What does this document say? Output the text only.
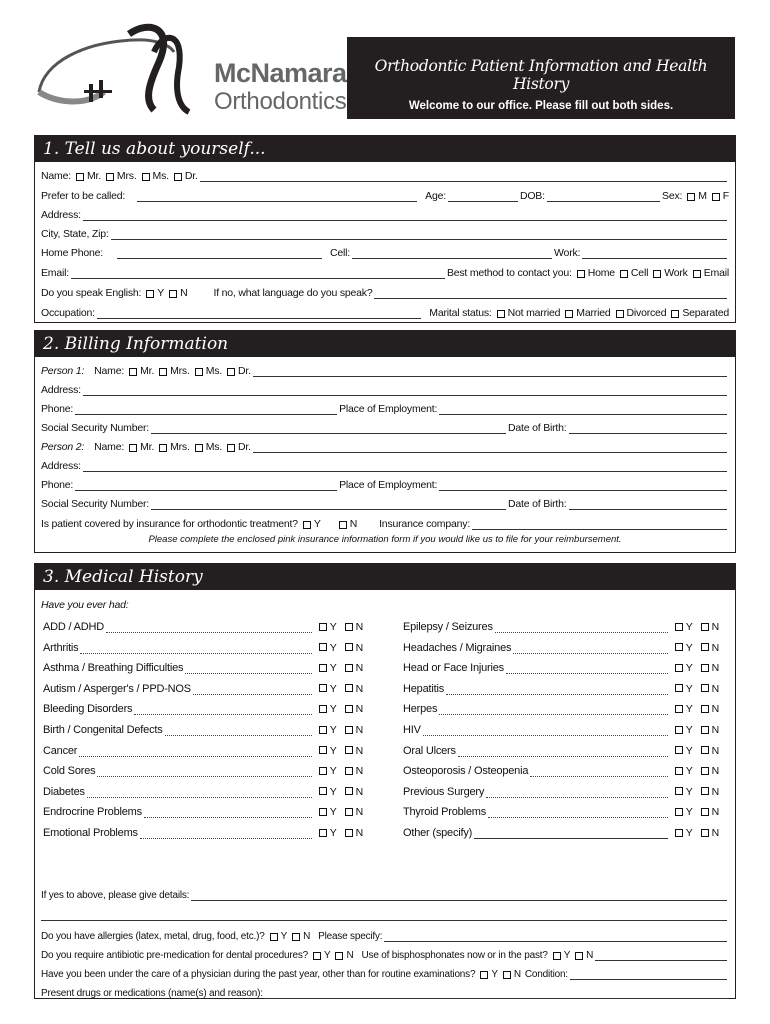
McNamara
Orthodontics
Orthodontic Patient Information and Health History
Welcome to our office. Please fill out both sides.
1. Tell us about yourself...
Name: Mr. Mrs. Ms. Dr.
Prefer to be called:	Age:	DOB:	Sex: M F
Address:
City, State, Zip:
Home Phone:	Cell:	Work:
Email:	Best method to contact you: Home Cell Work Email
Do you speak English: Y N If no, what language do you speak?
Occupation:	Marital status: Not married Married Divorced Separated
2. Billing Information
Person 1: Name: Mr. Mrs. Ms. Dr.
Address:
Phone:	Place of Employment:
Social Security Number:	Date of Birth:
Person 2: Name: Mr. Mrs. Ms. Dr.
Address:
Phone:	Place of Employment:
Social Security Number:	Date of Birth:
Is patient covered by insurance for orthodontic treatment? Y	N Insurance company:
Please complete the enclosed pink insurance information form if you would like us to file for your reimbursement.
3. Medical History
Have you ever had:
ADD / ADHD	Y N
Arthritis	Y N
Asthma / Breathing Difficulties	Y N
Autism / Asperger's / PPD-NOS	Y N
Bleeding Disorders	Y N
Birth / Congenital Defects	Y N
Cancer	Y N
Cold Sores	Y N
Diabetes	Y N
Endrocrine Problems	Y N
Emotional Problems	Y N
Epilepsy / Seizures	Y N
Headaches / Migraines	Y N
Head or Face Injuries	Y N
Hepatitis	Y N
Herpes	Y N
HIV	Y N
Oral Ulcers	Y N
Osteoporosis / Osteopenia	Y N
Previous Surgery	Y N
Thyroid Problems	Y N
Other (specify)	Y N
If yes to above, please give details:
Do you have allergies (latex, metal, drug, food, etc.)? Y N Please specify:
Do you require antibiotic pre-medication for dental procedures? Y N Use of bisphosphonates now or in the past? Y N
Have you been under the care of a physician during the past year, other than for routine examinations? Y N Condition:
Present drugs or medications (name(s) and reason):
